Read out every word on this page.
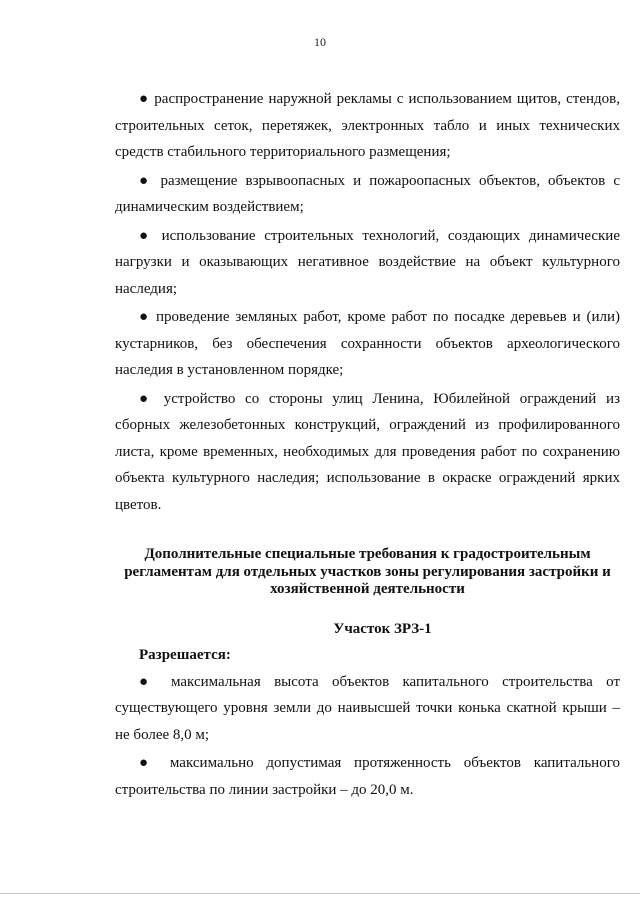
10

● распространение наружной рекламы с использованием щитов, стендов, строительных сеток, перетяжек, электронных табло и иных технических средств стабильного территориального размещения;

● размещение взрывоопасных и пожароопасных объектов, объектов с динамическим воздействием;

● использование строительных технологий, создающих динамические нагрузки и оказывающих негативное воздействие на объект культурного наследия;

● проведение земляных работ, кроме работ по посадке деревьев и (или) кустарников, без обеспечения сохранности объектов археологического наследия в установленном порядке;

● устройство со стороны улиц Ленина, Юбилейной ограждений из сборных железобетонных конструкций, ограждений из профилированного листа, кроме временных, необходимых для проведения работ по сохранению объекта культурного наследия; использование в окраске ограждений ярких цветов.

Дополнительные специальные требования к градостроительным регламентам для отдельных участков зоны регулирования застройки и хозяйственной деятельности
Участок ЗРЗ-1
Разрешается:

● максимальная высота объектов капитального строительства от существующего уровня земли до наивысшей точки конька скатной крыши – не более 8,0 м;

● максимально допустимая протяженность объектов капитального строительства по линии застройки – до 20,0 м.
